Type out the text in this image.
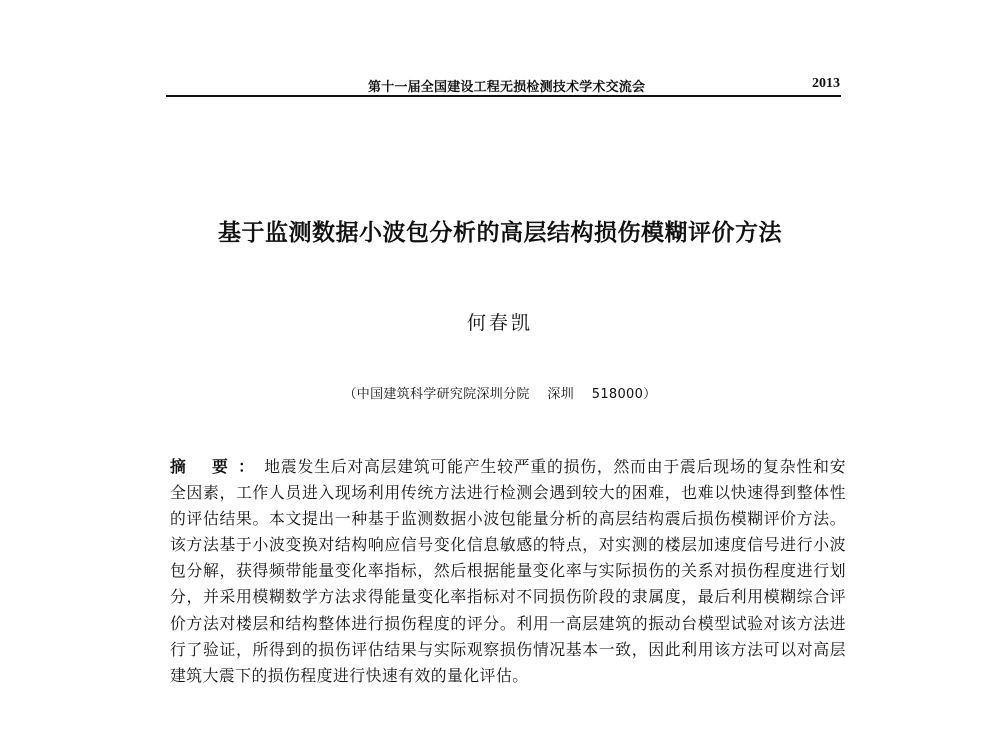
第十一届全国建设工程无损检测技术学术交流会	2013
基于监测数据小波包分析的高层结构损伤模糊评价方法
何春凯
（中国建筑科学研究院深圳分院    深圳    518000）

摘 要：地震发生后对高层建筑可能产生较严重的损伤，然而由于震后现场的复杂性和安全因素，工作人员进入现场利用传统方法进行检测会遇到较大的困难，也难以快速得到整体性的评估结果。本文提出一种基于监测数据小波包能量分析的高层结构震后损伤模糊评价方法。该方法基于小波变换对结构响应信号变化信息敏感的特点，对实测的楼层加速度信号进行小波包分解，获得频带能量变化率指标，然后根据能量变化率与实际损伤的关系对损伤程度进行划分，并采用模糊数学方法求得能量变化率指标对不同损伤阶段的隶属度，最后利用模糊综合评价方法对楼层和结构整体进行损伤程度的评分。利用一高层建筑的振动台模型试验对该方法进行了验证，所得到的损伤评估结果与实际观察损伤情况基本一致，因此利用该方法可以对高层建筑大震下的损伤程度进行快速有效的量化评估。
